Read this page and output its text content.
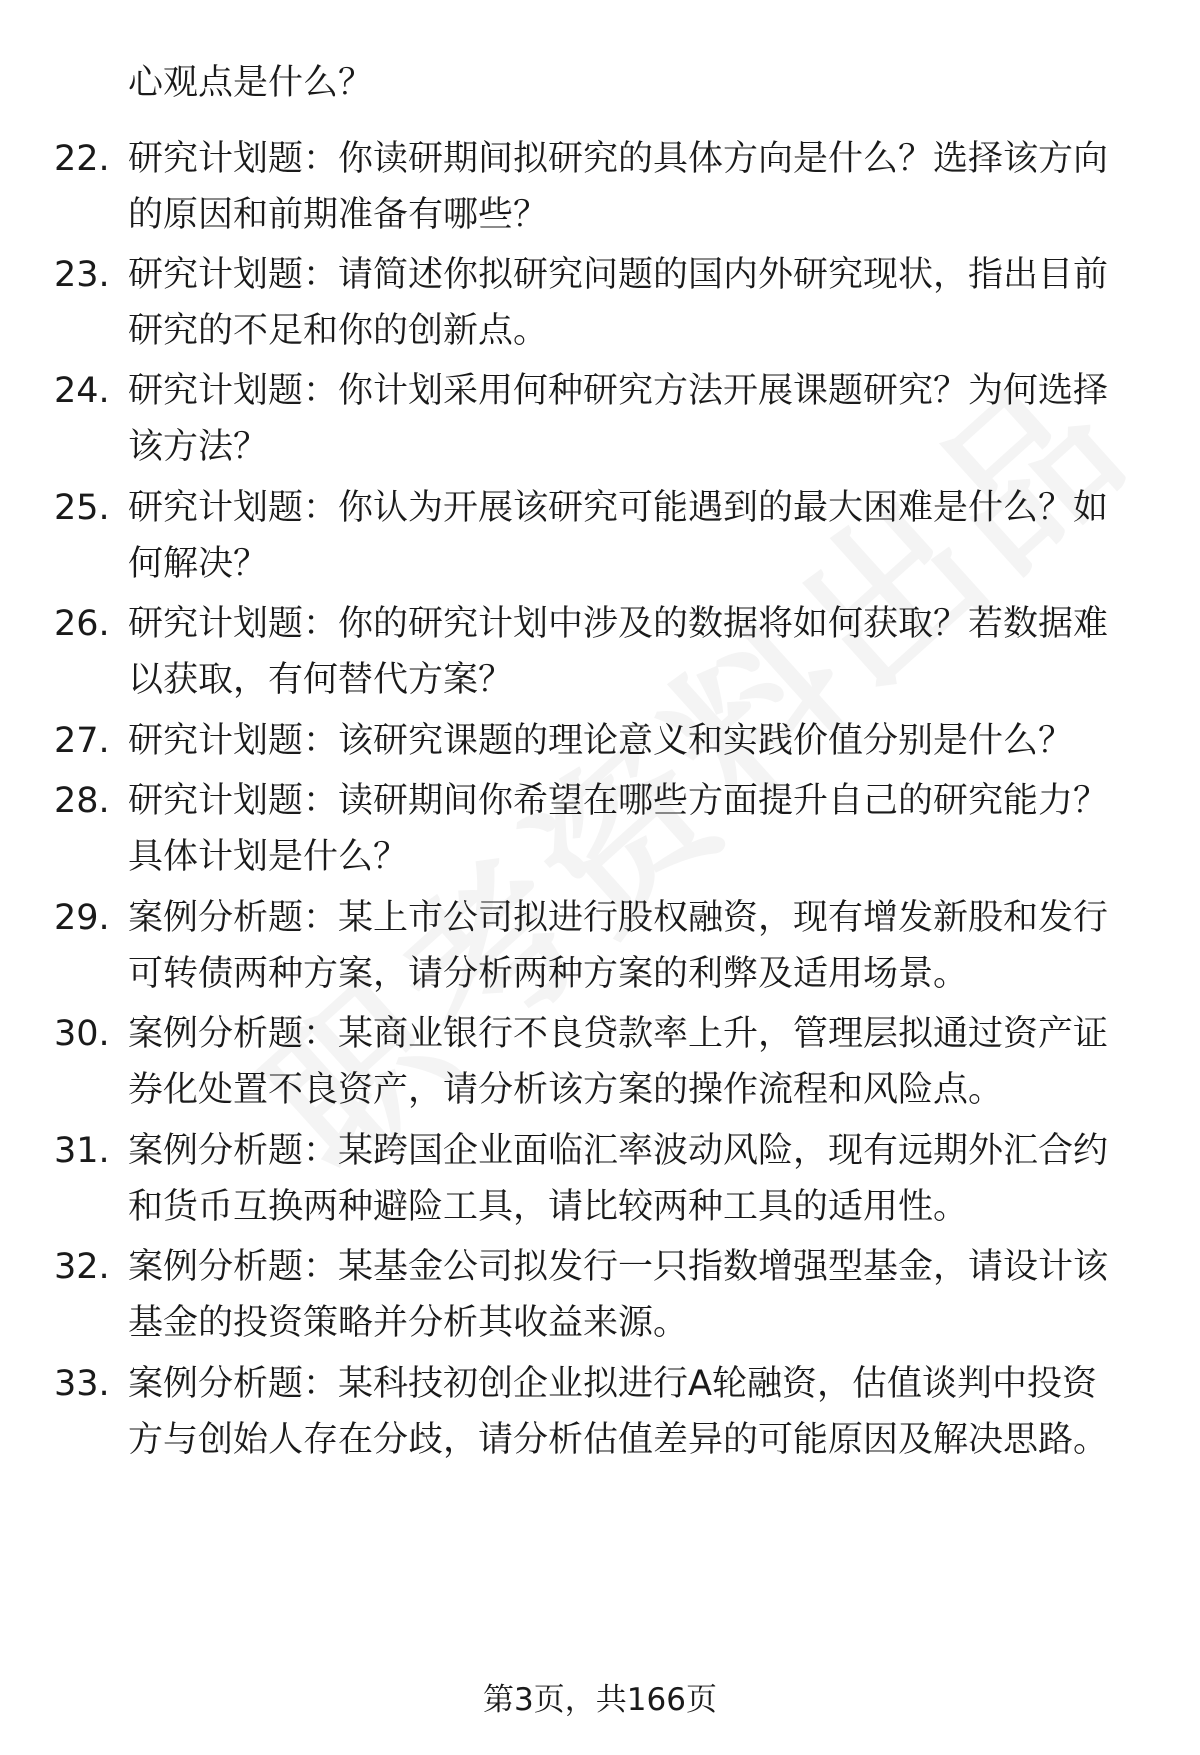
心观点是什么？
22. 研究计划题：你读研期间拟研究的具体方向是什么？选择该方向
的原因和前期准备有哪些？
23. 研究计划题：请简述你拟研究问题的国内外研究现状，指出目前
研究的不足和你的创新点。
24. 研究计划题：你计划采用何种研究方法开展课题研究？为何选择
该方法？
25. 研究计划题：你认为开展该研究可能遇到的最大困难是什么？如
何解决？
26. 研究计划题：你的研究计划中涉及的数据将如何获取？若数据难
以获取，有何替代方案？
27. 研究计划题：该研究课题的理论意义和实践价值分别是什么？
28. 研究计划题：读研期间你希望在哪些方面提升自己的研究能力？
具体计划是什么？
29. 案例分析题：某上市公司拟进行股权融资，现有增发新股和发行
可转债两种方案，请分析两种方案的利弊及适用场景。
30. 案例分析题：某商业银行不良贷款率上升，管理层拟通过资产证
券化处置不良资产，请分析该方案的操作流程和风险点。
31. 案例分析题：某跨国企业面临汇率波动风险，现有远期外汇合约
和货币互换两种避险工具，请比较两种工具的适用性。
32. 案例分析题：某基金公司拟发行一只指数增强型基金，请设计该
基金的投资策略并分析其收益来源。
33. 案例分析题：某科技初创企业拟进行A轮融资，估值谈判中投资
方与创始人存在分歧，请分析估值差异的可能原因及解决思路。
第3页，共166页
